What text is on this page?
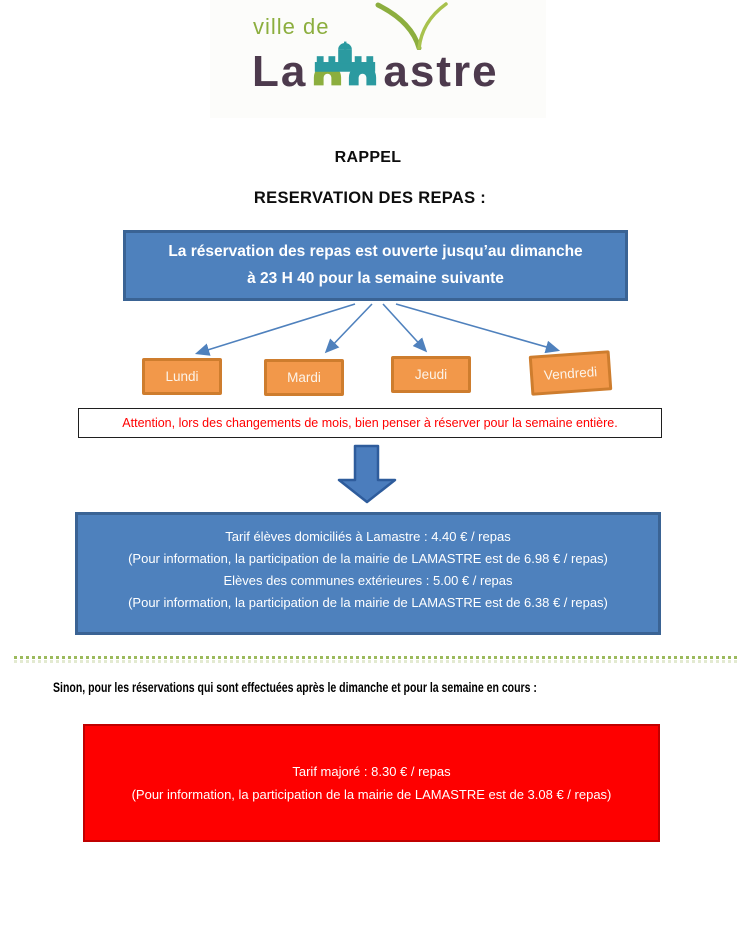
ville de
La astre
RAPPEL
RESERVATION DES REPAS :
La réservation des repas est ouverte jusqu’au dimanche
à 23 H 40 pour la semaine suivante
Lundi	Mardi	Jeudi	Vendredi
Attention, lors des changements de mois, bien penser à réserver pour la semaine entière.
Tarif élèves domiciliés à Lamastre : 4.40 € / repas
(Pour information, la participation de la mairie de LAMASTRE est de 6.98 € / repas)
Elèves des communes extérieures : 5.00 € / repas
(Pour information, la participation de la mairie de LAMASTRE est de 6.38 € / repas)
Sinon, pour les réservations qui sont effectuées après le dimanche et pour la semaine en cours :
Tarif majoré : 8.30 € / repas
(Pour information, la participation de la mairie de LAMASTRE est de 3.08 € / repas)
